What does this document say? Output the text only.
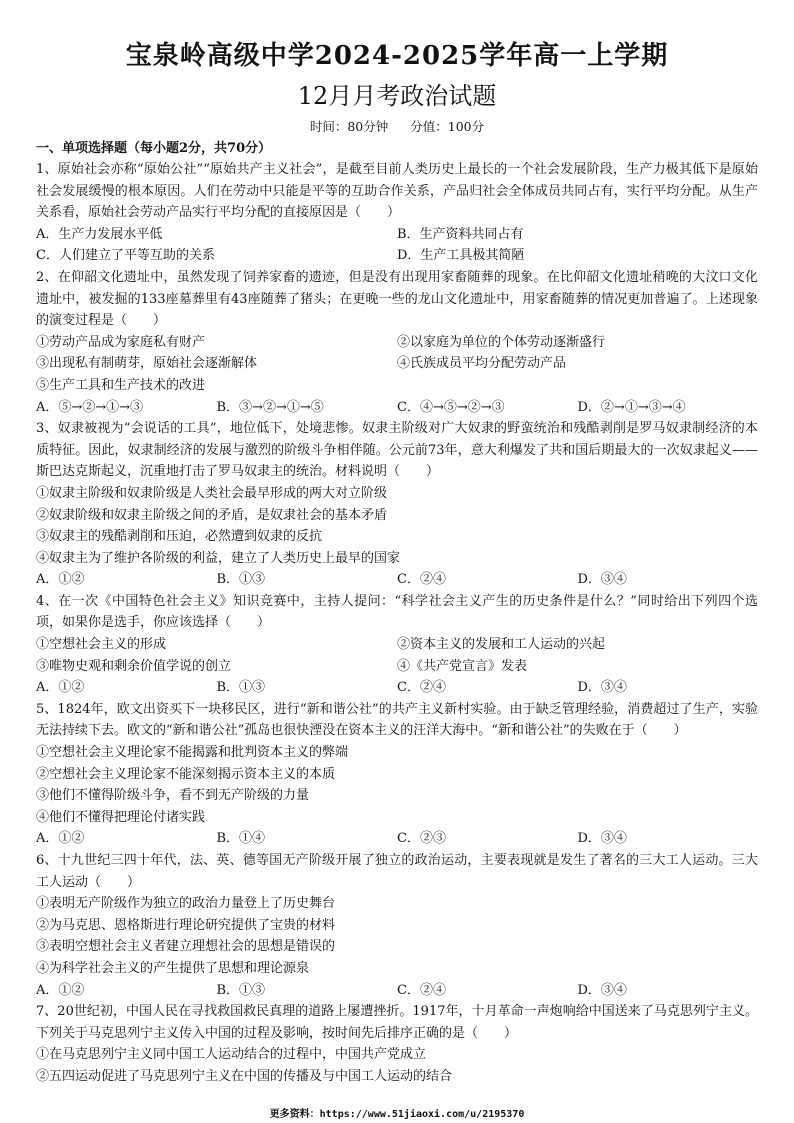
宝泉岭高级中学2024-2025学年高一上学期
12月月考政治试题
时间：80分钟 分值：100分
一、单项选择题（每小题2分，共70分）
1、原始社会亦称“原始公社”“原始共产主义社会”，是截至目前人类历史上最长的一个社会发展阶段，生产力极其低下是原始社会发展缓慢的根本原因。人们在劳动中只能是平等的互助合作关系，产品归社会全体成员共同占有，实行平均分配。从生产关系看，原始社会劳动产品实行平均分配的直接原因是（　　）
A．生产力发展水平低	B．生产资料共同占有
C．人们建立了平等互助的关系	D．生产工具极其简陋
2、在仰韶文化遗址中，虽然发现了饲养家畜的遗迹，但是没有出现用家畜随葬的现象。在比仰韶文化遗址稍晚的大汶口文化遗址中，被发掘的133座墓葬里有43座随葬了猪头；在更晚一些的龙山文化遗址中，用家畜随葬的情况更加普遍了。上述现象的演变过程是（　　）
①劳动产品成为家庭私有财产	②以家庭为单位的个体劳动逐渐盛行
③出现私有制萌芽，原始社会逐渐解体	④氏族成员平均分配劳动产品
⑤生产工具和生产技术的改进
A．⑤→②→①→③	B．③→②→①→⑤	C．④→⑤→②→③	D．②→①→③→④
3、奴隶被视为“会说话的工具”，地位低下，处境悲惨。奴隶主阶级对广大奴隶的野蛮统治和残酷剥削是罗马奴隶制经济的本质特征。因此，奴隶制经济的发展与激烈的阶级斗争相伴随。公元前73年，意大利爆发了共和国后期最大的一次奴隶起义——斯巴达克斯起义，沉重地打击了罗马奴隶主的统治。材料说明（　　）
①奴隶主阶级和奴隶阶级是人类社会最早形成的两大对立阶级
②奴隶阶级和奴隶主阶级之间的矛盾，是奴隶社会的基本矛盾
③奴隶主的残酷剥削和压迫，必然遭到奴隶的反抗
④奴隶主为了维护各阶级的利益，建立了人类历史上最早的国家
A．①②	B．①③	C．②④	D．③④
4、在一次《中国特色社会主义》知识竞赛中，主持人提问：“科学社会主义产生的历史条件是什么？”同时给出下列四个选项，如果你是选手，你应该选择（　　）
①空想社会主义的形成	②资本主义的发展和工人运动的兴起
③唯物史观和剩余价值学说的创立	④《共产党宣言》发表
A．①②	B．①③	C．②④	D．③④
5、1824年，欧文出资买下一块移民区，进行“新和谐公社”的共产主义新村实验。由于缺乏管理经验，消费超过了生产，实验无法持续下去。欧文的“新和谐公社”孤岛也很快湮没在资本主义的汪洋大海中。“新和谐公社”的失败在于（　　）
①空想社会主义理论家不能揭露和批判资本主义的弊端
②空想社会主义理论家不能深刻揭示资本主义的本质
③他们不懂得阶级斗争，看不到无产阶级的力量
④他们不懂得把理论付诸实践
A．①②	B．①④	C．②③	D．③④
6、十九世纪三四十年代，法、英、德等国无产阶级开展了独立的政治运动，主要表现就是发生了著名的三大工人运动。三大工人运动（　　）
①表明无产阶级作为独立的政治力量登上了历史舞台
②为马克思、恩格斯进行理论研究提供了宝贵的材料
③表明空想社会主义者建立理想社会的思想是错误的
④为科学社会主义的产生提供了思想和理论源泉
A．①②	B．①③	C．②④	D．③④
7、20世纪初，中国人民在寻找救国救民真理的道路上屡遭挫折。1917年，十月革命一声炮响给中国送来了马克思列宁主义。下列关于马克思列宁主义传入中国的过程及影响，按时间先后排序正确的是（　　）
①在马克思列宁主义同中国工人运动结合的过程中，中国共产党成立
②五四运动促进了马克思列宁主义在中国的传播及与中国工人运动的结合
更多资料：https://www.51jiaoxi.com/u/2195370
